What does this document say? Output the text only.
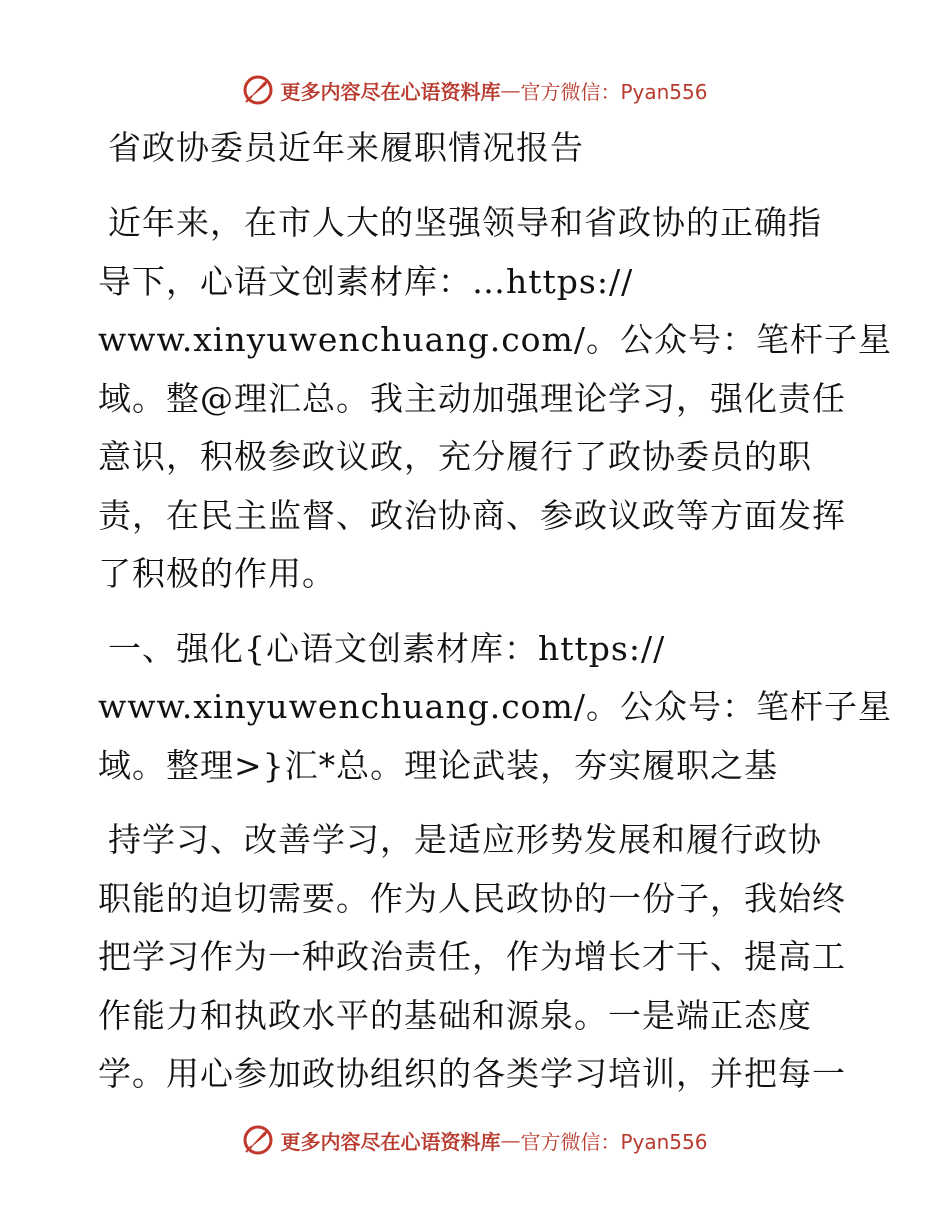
更多内容尽在心语资料库 — 官方微信：Pyan556
省政协委员近年来履职情况报告
近年来，在市人大的坚强领导和省政协的正确指
导下，心语文创素材库：…https://
www.xinyuwenchuang.com/。公众号：笔杆子星
域。整@理汇总。我主动加强理论学习，强化责任
意识，积极参政议政，充分履行了政协委员的职
责，在民主监督、政治协商、参政议政等方面发挥
了积极的作用。
一、强化{心语文创素材库：https://
www.xinyuwenchuang.com/。公众号：笔杆子星
域。整理>}汇*总。理论武装，夯实履职之基
持学习、改善学习，是适应形势发展和履行政协
职能的迫切需要。作为人民政协的一份子，我始终
把学习作为一种政治责任，作为增长才干、提高工
作能力和执政水平的基础和源泉。一是端正态度
学。用心参加政协组织的各类学习培训，并把每一
更多内容尽在心语资料库 — 官方微信：Pyan556
